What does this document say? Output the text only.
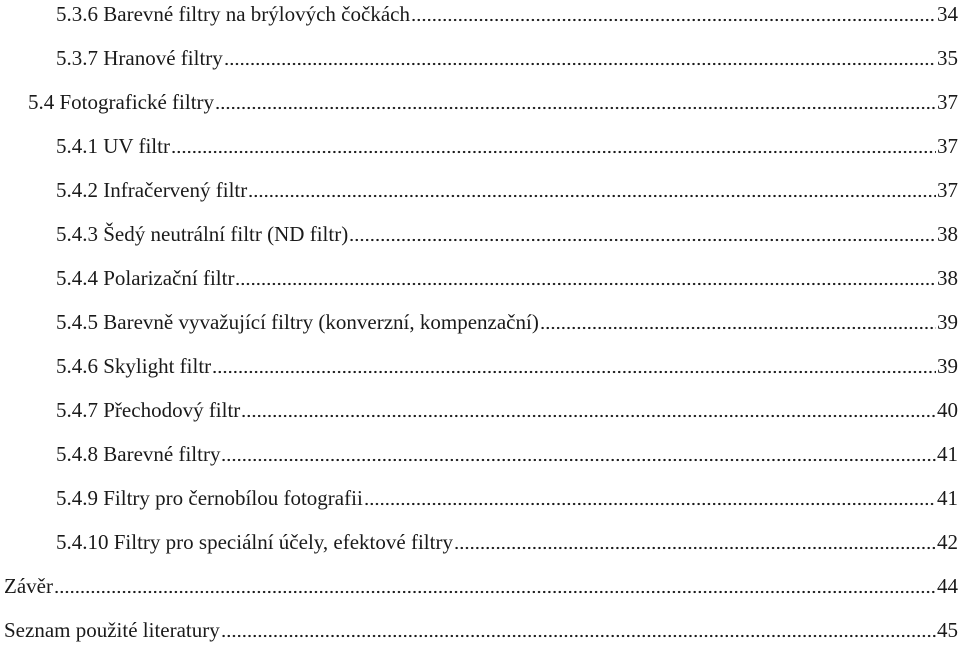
5.3.6 Barevné filtry na brýlových čočkách	34
5.3.7 Hranové filtry	35
5.4 Fotografické filtry	37
5.4.1 UV filtr	37
5.4.2 Infračervený filtr	37
5.4.3 Šedý neutrální filtr (ND filtr)	38
5.4.4 Polarizační filtr	38
5.4.5 Barevně vyvažující filtry (konverzní, kompenzační)	39
5.4.6 Skylight filtr	39
5.4.7 Přechodový filtr	40
5.4.8 Barevné filtry	41
5.4.9 Filtry pro černobílou fotografii	41
5.4.10 Filtry pro speciální účely, efektové filtry	42
Závěr	44
Seznam použité literatury	45
